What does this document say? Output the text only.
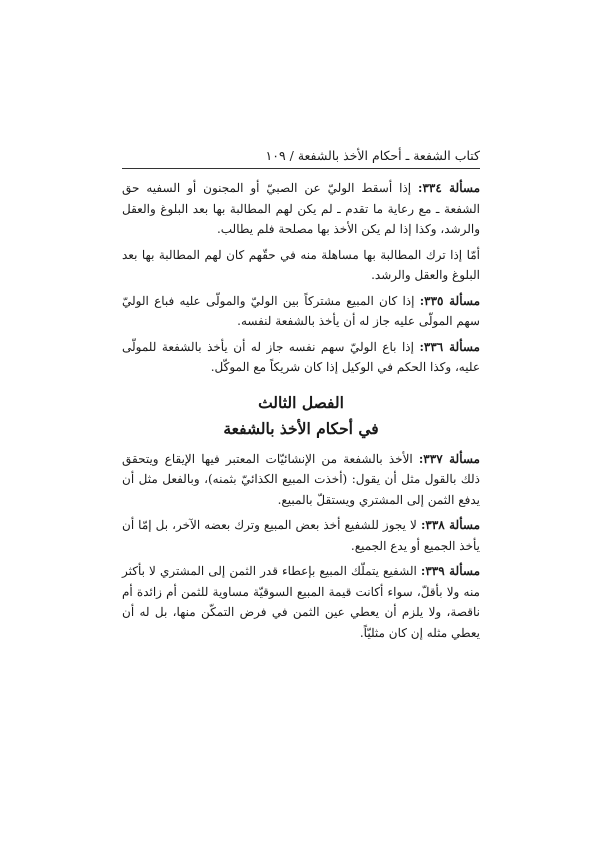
كتاب الشفعة ـ أحكام الأخذ بالشفعة / ١٠٩

مسألة ٣٣٤: إذا أسقط الوليّ عن الصبيّ أو المجنون أو السفيه حق الشفعة ـ مع رعاية ما تقدم ـ لم يكن لهم المطالبة بها بعد البلوغ والعقل والرشد، وكذا إذا لم يكن الأخذ بها مصلحة فلم يطالب.

أمّا إذا ترك المطالبة بها مساهلة منه في حقّهم كان لهم المطالبة بها بعد البلوغ والعقل والرشد.

مسألة ٣٣٥: إذا كان المبيع مشتركاً بين الوليّ والمولّى عليه فباع الوليّ سهم المولّى عليه جاز له أن يأخذ بالشفعة لنفسه.

مسألة ٣٣٦: إذا باع الوليّ سهم نفسه جاز له أن يأخذ بالشفعة للمولّى عليه، وكذا الحكم في الوكيل إذا كان شريكاً مع الموكّل.

الفصل الثالث
في أحكام الأخذ بالشفعة

مسألة ٣٣٧: الأخذ بالشفعة من الإنشائيّات المعتبر فيها الإيقاع ويتحقق ذلك بالقول مثل أن يقول: (أخذت المبيع الكذائيّ بثمنه)، وبالفعل مثل أن يدفع الثمن إلى المشتري ويستقلّ بالمبيع.

مسألة ٣٣٨: لا يجوز للشفيع أخذ بعض المبيع وترك بعضه الآخر، بل إمّا أن يأخذ الجميع أو يدع الجميع.

مسألة ٣٣٩: الشفيع يتملّك المبيع بإعطاء قدر الثمن إلى المشتري لا بأكثر منه ولا بأقلّ، سواء أكانت قيمة المبيع السوقيّة مساوية للثمن أم زائدة أم ناقصة، ولا يلزم أن يعطي عين الثمن في فرض التمكّن منها، بل له أن يعطي مثله إن كان مثليّاً.
